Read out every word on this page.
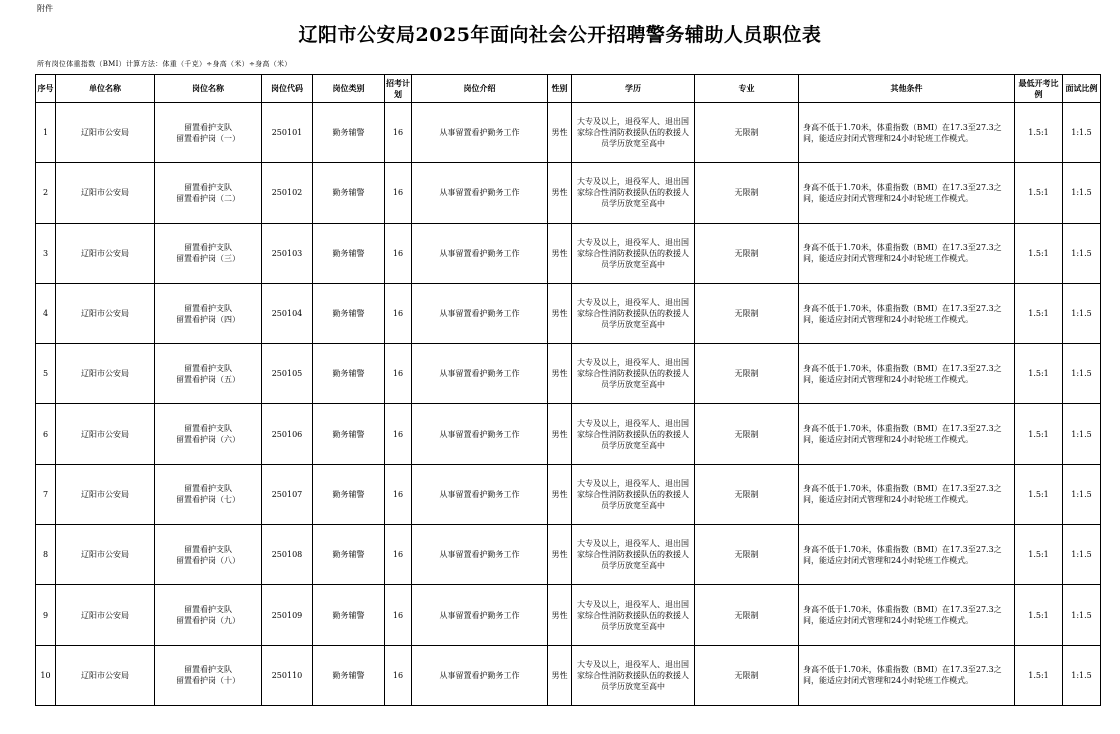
附件
辽阳市公安局2025年面向社会公开招聘警务辅助人员职位表
所有岗位体重指数（BMI）计算方法：体重（千克）÷身高（米）÷身高（米）
序号	单位名称	岗位名称	岗位代码	岗位类别	招考计划	岗位介绍	性别	学历	专业	其他条件	最低开考比例	面试比例
1	辽阳市公安局	留置看护支队
留置看护岗（一）	250101	勤务辅警	16	从事留置看护勤务工作	男性	大专及以上，退役军人、退出国家综合性消防救援队伍的救援人员学历放宽至高中	无限制	身高不低于1.70米，体重指数（BMI）在17.3至27.3之间，能适应封闭式管理和24小时轮班工作模式。	1.5:1	1:1.5
2	辽阳市公安局	留置看护支队
留置看护岗（二）	250102	勤务辅警	16	从事留置看护勤务工作	男性	大专及以上，退役军人、退出国家综合性消防救援队伍的救援人员学历放宽至高中	无限制	身高不低于1.70米，体重指数（BMI）在17.3至27.3之间，能适应封闭式管理和24小时轮班工作模式。	1.5:1	1:1.5
3	辽阳市公安局	留置看护支队
留置看护岗（三）	250103	勤务辅警	16	从事留置看护勤务工作	男性	大专及以上，退役军人、退出国家综合性消防救援队伍的救援人员学历放宽至高中	无限制	身高不低于1.70米，体重指数（BMI）在17.3至27.3之间，能适应封闭式管理和24小时轮班工作模式。	1.5:1	1:1.5
4	辽阳市公安局	留置看护支队
留置看护岗（四）	250104	勤务辅警	16	从事留置看护勤务工作	男性	大专及以上，退役军人、退出国家综合性消防救援队伍的救援人员学历放宽至高中	无限制	身高不低于1.70米，体重指数（BMI）在17.3至27.3之间，能适应封闭式管理和24小时轮班工作模式。	1.5:1	1:1.5
5	辽阳市公安局	留置看护支队
留置看护岗（五）	250105	勤务辅警	16	从事留置看护勤务工作	男性	大专及以上，退役军人、退出国家综合性消防救援队伍的救援人员学历放宽至高中	无限制	身高不低于1.70米，体重指数（BMI）在17.3至27.3之间，能适应封闭式管理和24小时轮班工作模式。	1.5:1	1:1.5
6	辽阳市公安局	留置看护支队
留置看护岗（六）	250106	勤务辅警	16	从事留置看护勤务工作	男性	大专及以上，退役军人、退出国家综合性消防救援队伍的救援人员学历放宽至高中	无限制	身高不低于1.70米，体重指数（BMI）在17.3至27.3之间，能适应封闭式管理和24小时轮班工作模式。	1.5:1	1:1.5
7	辽阳市公安局	留置看护支队
留置看护岗（七）	250107	勤务辅警	16	从事留置看护勤务工作	男性	大专及以上，退役军人、退出国家综合性消防救援队伍的救援人员学历放宽至高中	无限制	身高不低于1.70米，体重指数（BMI）在17.3至27.3之间，能适应封闭式管理和24小时轮班工作模式。	1.5:1	1:1.5
8	辽阳市公安局	留置看护支队
留置看护岗（八）	250108	勤务辅警	16	从事留置看护勤务工作	男性	大专及以上，退役军人、退出国家综合性消防救援队伍的救援人员学历放宽至高中	无限制	身高不低于1.70米，体重指数（BMI）在17.3至27.3之间，能适应封闭式管理和24小时轮班工作模式。	1.5:1	1:1.5
9	辽阳市公安局	留置看护支队
留置看护岗（九）	250109	勤务辅警	16	从事留置看护勤务工作	男性	大专及以上，退役军人、退出国家综合性消防救援队伍的救援人员学历放宽至高中	无限制	身高不低于1.70米，体重指数（BMI）在17.3至27.3之间，能适应封闭式管理和24小时轮班工作模式。	1.5:1	1:1.5
10	辽阳市公安局	留置看护支队
留置看护岗（十）	250110	勤务辅警	16	从事留置看护勤务工作	男性	大专及以上，退役军人、退出国家综合性消防救援队伍的救援人员学历放宽至高中	无限制	身高不低于1.70米，体重指数（BMI）在17.3至27.3之间，能适应封闭式管理和24小时轮班工作模式。	1.5:1	1:1.5
